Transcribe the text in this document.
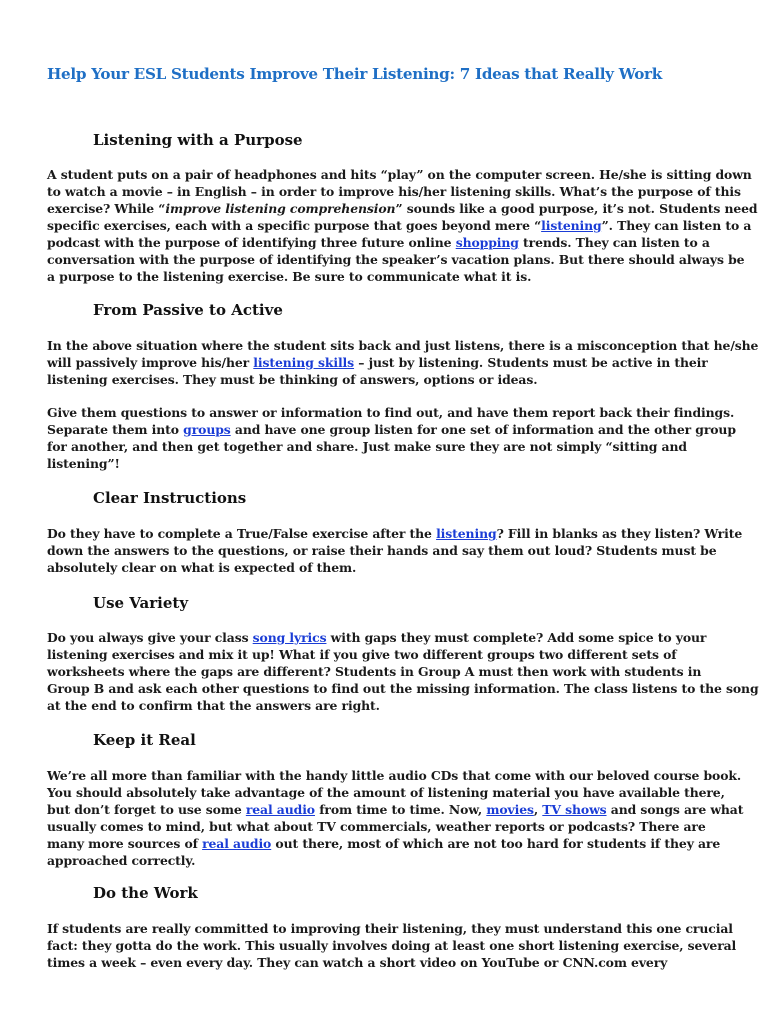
Help Your ESL Students Improve Their Listening: 7 Ideas that Really Work
Listening with a Purpose
A student puts on a pair of headphones and hits “play” on the computer screen. He/she is sitting down
to watch a movie – in English – in order to improve his/her listening skills. What’s the purpose of this
exercise? While “improve listening comprehension” sounds like a good purpose, it’s not. Students need
specific exercises, each with a specific purpose that goes beyond mere “listening”. They can listen to a
podcast with the purpose of identifying three future online shopping trends. They can listen to a
conversation with the purpose of identifying the speaker’s vacation plans. But there should always be
a purpose to the listening exercise. Be sure to communicate what it is.
From Passive to Active
In the above situation where the student sits back and just listens, there is a misconception that he/she
will passively improve his/her listening skills – just by listening. Students must be active in their
listening exercises. They must be thinking of answers, options or ideas.
Give them questions to answer or information to find out, and have them report back their findings.
Separate them into groups and have one group listen for one set of information and the other group
for another, and then get together and share. Just make sure they are not simply “sitting and
listening”!
Clear Instructions
Do they have to complete a True/False exercise after the listening? Fill in blanks as they listen? Write
down the answers to the questions, or raise their hands and say them out loud? Students must be
absolutely clear on what is expected of them.
Use Variety
Do you always give your class song lyrics with gaps they must complete? Add some spice to your
listening exercises and mix it up! What if you give two different groups two different sets of
worksheets where the gaps are different? Students in Group A must then work with students in
Group B and ask each other questions to find out the missing information. The class listens to the song
at the end to confirm that the answers are right.
Keep it Real
We’re all more than familiar with the handy little audio CDs that come with our beloved course book.
You should absolutely take advantage of the amount of listening material you have available there,
but don’t forget to use some real audio from time to time. Now, movies, TV shows and songs are what
usually comes to mind, but what about TV commercials, weather reports or podcasts? There are
many more sources of real audio out there, most of which are not too hard for students if they are
approached correctly.
Do the Work
If students are really committed to improving their listening, they must understand this one crucial
fact: they gotta do the work. This usually involves doing at least one short listening exercise, several
times a week – even every day. They can watch a short video on YouTube or CNN.com every
